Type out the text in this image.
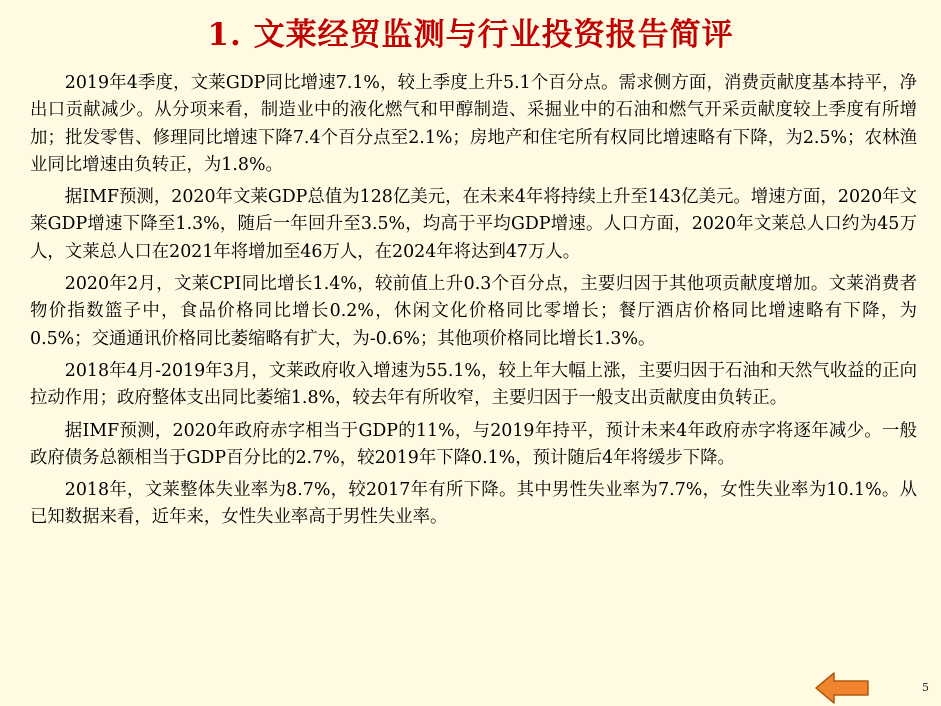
1. 文莱经贸监测与行业投资报告简评

2019年4季度，文莱GDP同比增速7.1%，较上季度上升5.1个百分点。需求侧方面，消费贡献度基本持平，净出口贡献减少。从分项来看，制造业中的液化燃气和甲醇制造、采掘业中的石油和燃气开采贡献度较上季度有所增加；批发零售、修理同比增速下降7.4个百分点至2.1%；房地产和住宅所有权同比增速略有下降，为2.5%；农林渔业同比增速由负转正，为1.8%。

据IMF预测，2020年文莱GDP总值为128亿美元，在未来4年将持续上升至143亿美元。增速方面，2020年文莱GDP增速下降至1.3%，随后一年回升至3.5%，均高于平均GDP增速。人口方面，2020年文莱总人口约为45万人，文莱总人口在2021年将增加至46万人，在2024年将达到47万人。

2020年2月，文莱CPI同比增长1.4%，较前值上升0.3个百分点，主要归因于其他项贡献度增加。文莱消费者物价指数篮子中，食品价格同比增长0.2%，休闲文化价格同比零增长；餐厅酒店价格同比增速略有下降，为0.5%；交通通讯价格同比萎缩略有扩大，为-0.6%；其他项价格同比增长1.3%。

2018年4月-2019年3月，文莱政府收入增速为55.1%，较上年大幅上涨，主要归因于石油和天然气收益的正向拉动作用；政府整体支出同比萎缩1.8%，较去年有所收窄，主要归因于一般支出贡献度由负转正。

据IMF预测，2020年政府赤字相当于GDP的11%，与2019年持平，预计未来4年政府赤字将逐年减少。一般政府债务总额相当于GDP百分比的2.7%，较2019年下降0.1%，预计随后4年将缓步下降。

2018年，文莱整体失业率为8.7%，较2017年有所下降。其中男性失业率为7.7%，女性失业率为10.1%。从已知数据来看，近年来，女性失业率高于男性失业率。

5
